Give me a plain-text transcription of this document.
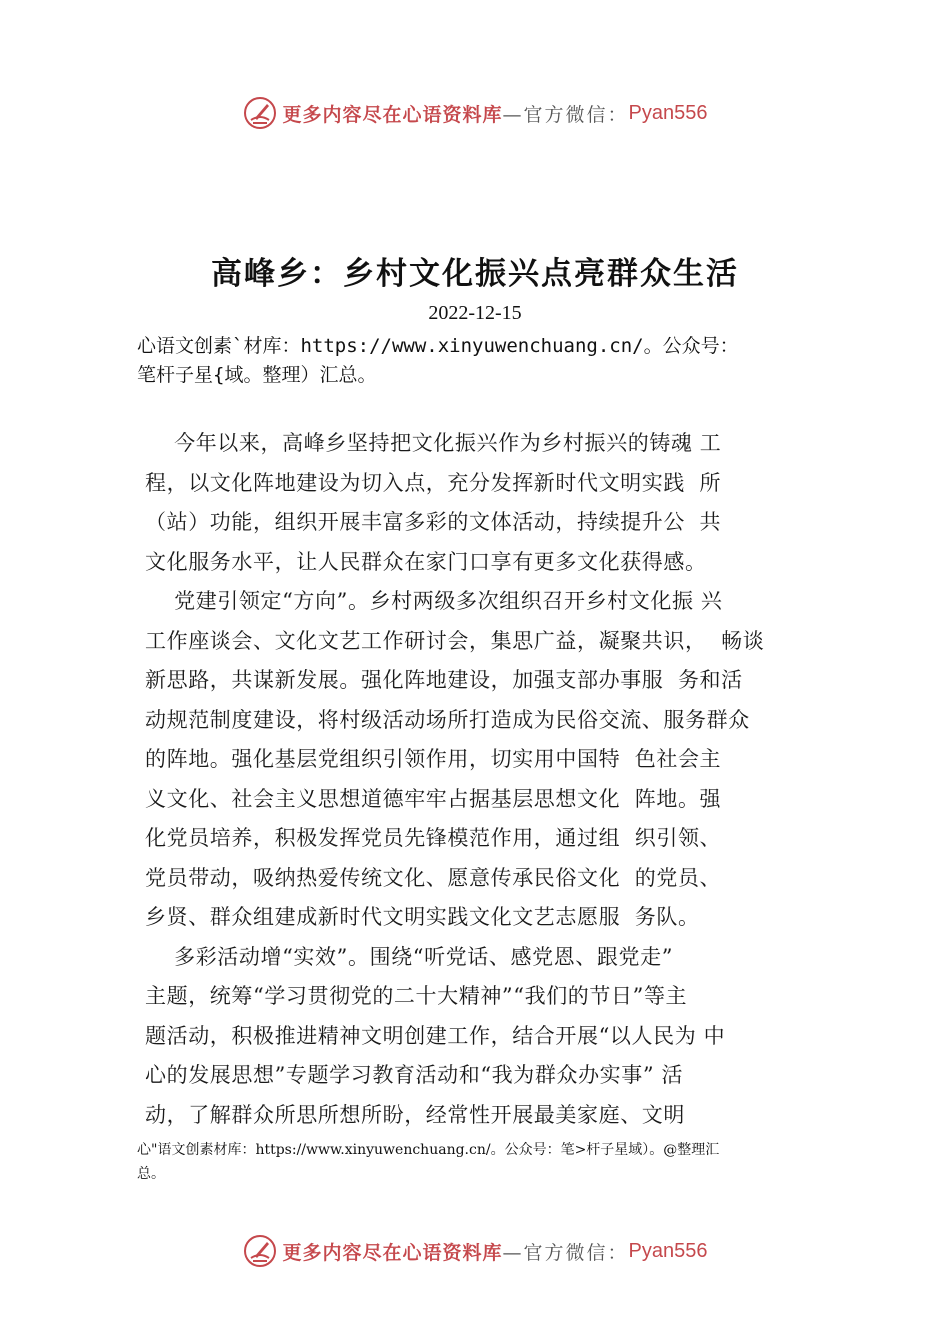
更多内容尽在心语资料库 —官方微信： Pyan556
高峰乡：乡村文化振兴点亮群众生活
2022-12-15
心语文创素`材库：https://www.xinyuwenchuang.cn/。公众号：
笔杆子星{域。整理）汇总。
今年以来，高峰乡坚持把文化振兴作为乡村振兴的铸魂 工
程，以文化阵地建设为切入点，充分发挥新时代文明实践  所
（站）功能，组织开展丰富多彩的文体活动，持续提升公  共
文化服务水平，让人民群众在家门口享有更多文化获得感。
党建引领定“方向”。乡村两级多次组织召开乡村文化振 兴
工作座谈会、文化文艺工作研讨会，集思广益，凝聚共识，  畅谈
新思路，共谋新发展。强化阵地建设，加强支部办事服  务和活
动规范制度建设，将村级活动场所打造成为民俗交流、服务群众
的阵地。强化基层党组织引领作用，切实用中国特  色社会主
义文化、社会主义思想道德牢牢占据基层思想文化  阵地。强
化党员培养，积极发挥党员先锋模范作用，通过组  织引领、
党员带动，吸纳热爱传统文化、愿意传承民俗文化  的党员、
乡贤、群众组建成新时代文明实践文化文艺志愿服  务队。
多彩活动增“实效”。围绕“听党话、感党恩、跟党走”
主题，统筹“学习贯彻党的二十大精神”“我们的节日”等主
题活动，积极推进精神文明创建工作，结合开展“以人民为 中
心的发展思想”专题学习教育活动和“我为群众办实事” 活
动，了解群众所思所想所盼，经常性开展最美家庭、文明
心"语文创素材库：https://www.xinyuwenchuang.cn/。公众号：笔>杆子星域）。@整理汇
总。
更多内容尽在心语资料库 —官方微信： Pyan556
